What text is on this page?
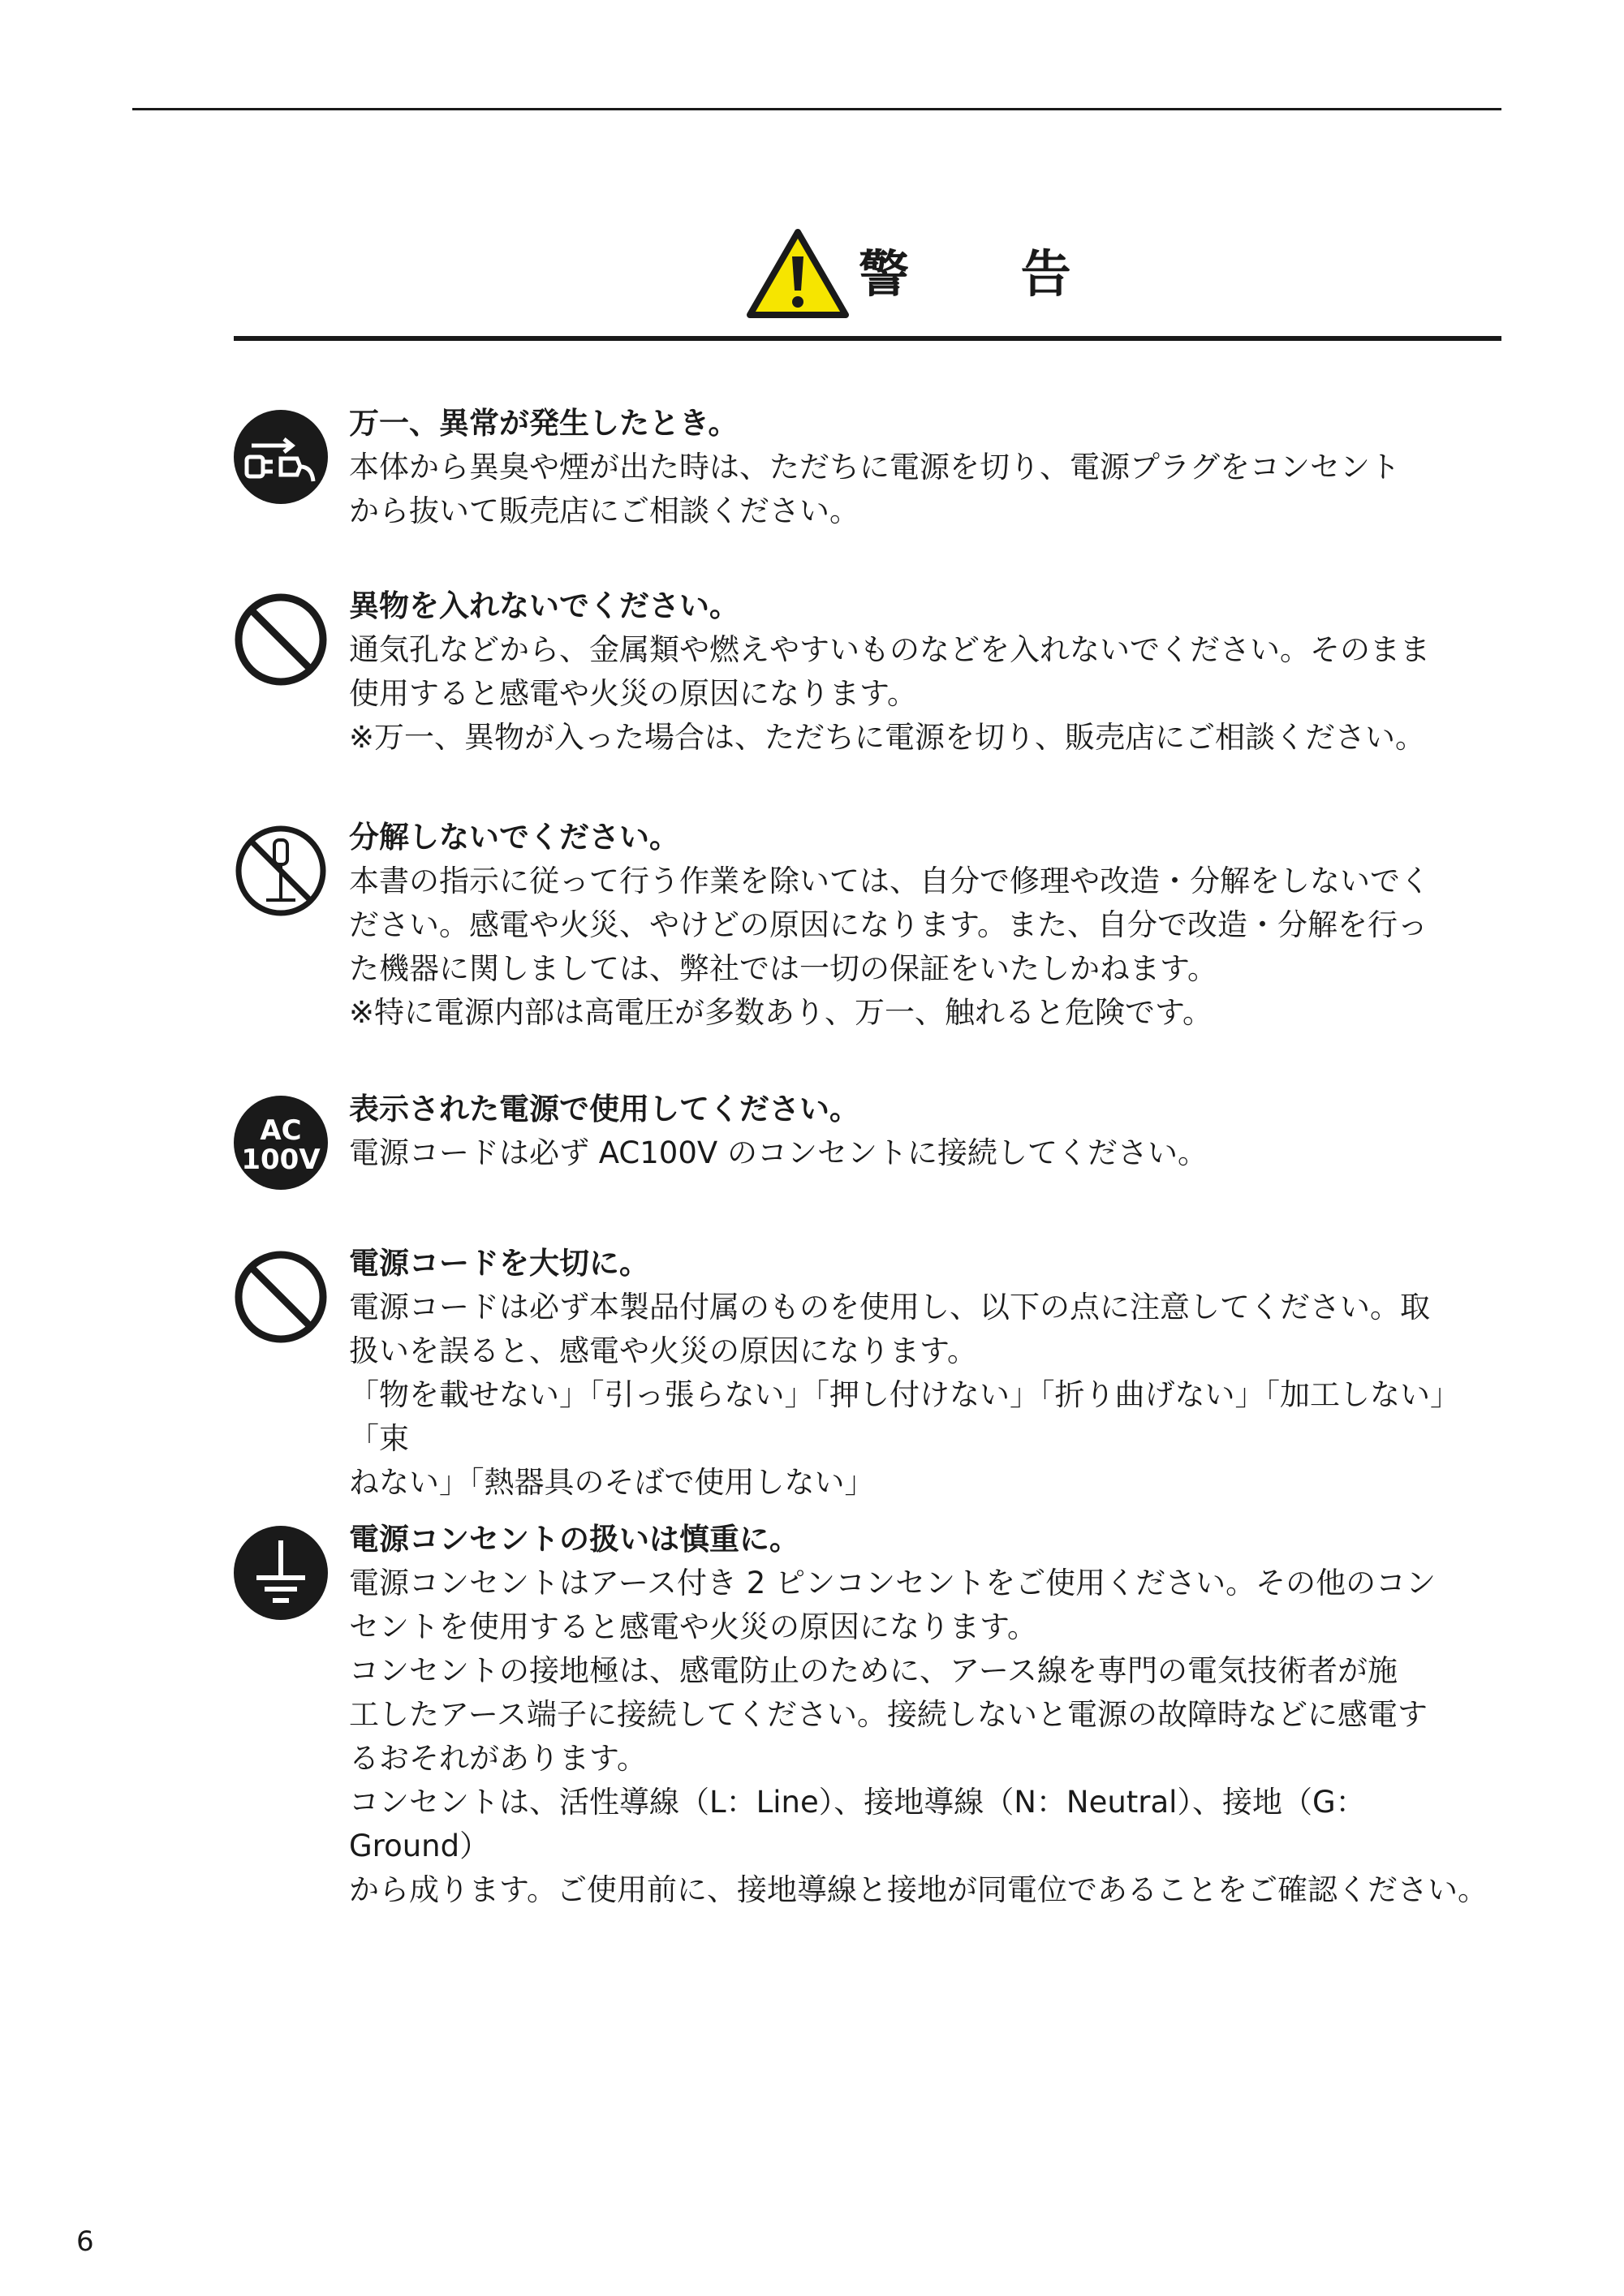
警 告
万一、異常が発生したとき。

本体から異臭や煙が出た時は、ただちに電源を切り、電源プラグをコンセント
から抜いて販売店にご相談ください。

異物を入れないでください。

通気孔などから、金属類や燃えやすいものなどを入れないでください。そのまま
使用すると感電や火災の原因になります。
※万一、異物が入った場合は、ただちに電源を切り、販売店にご相談ください。

分解しないでください。

本書の指示に従って行う作業を除いては、自分で修理や改造・分解をしないでく
ださい。感電や火災、やけどの原因になります。また、自分で改造・分解を行っ
た機器に関しましては、弊社では一切の保証をいたしかねます。
※特に電源内部は高電圧が多数あり、万一、触れると危険です。

AC
100V
表示された電源で使用してください。

電源コードは必ず AC100V のコンセントに接続してください。

電源コードを大切に。

電源コードは必ず本製品付属のものを使用し、以下の点に注意してください。取
扱いを誤ると、感電や火災の原因になります。
「物を載せない」「引っ張らない」「押し付けない」「折り曲げない」「加工しない」「束
ねない」「熱器具のそばで使用しない」

電源コンセントの扱いは慎重に。

電源コンセントはアース付き 2 ピンコンセントをご使用ください。その他のコン
セントを使用すると感電や火災の原因になります。
コンセントの接地極は、感電防止のために、アース線を専門の電気技術者が施
工したアース端子に接続してください。接続しないと電源の故障時などに感電す
るおそれがあります。
コンセントは、活性導線（L：Line）、接地導線（N：Neutral）、接地（G：Ground）
から成ります。ご使用前に、接地導線と接地が同電位であることをご確認ください。

6
